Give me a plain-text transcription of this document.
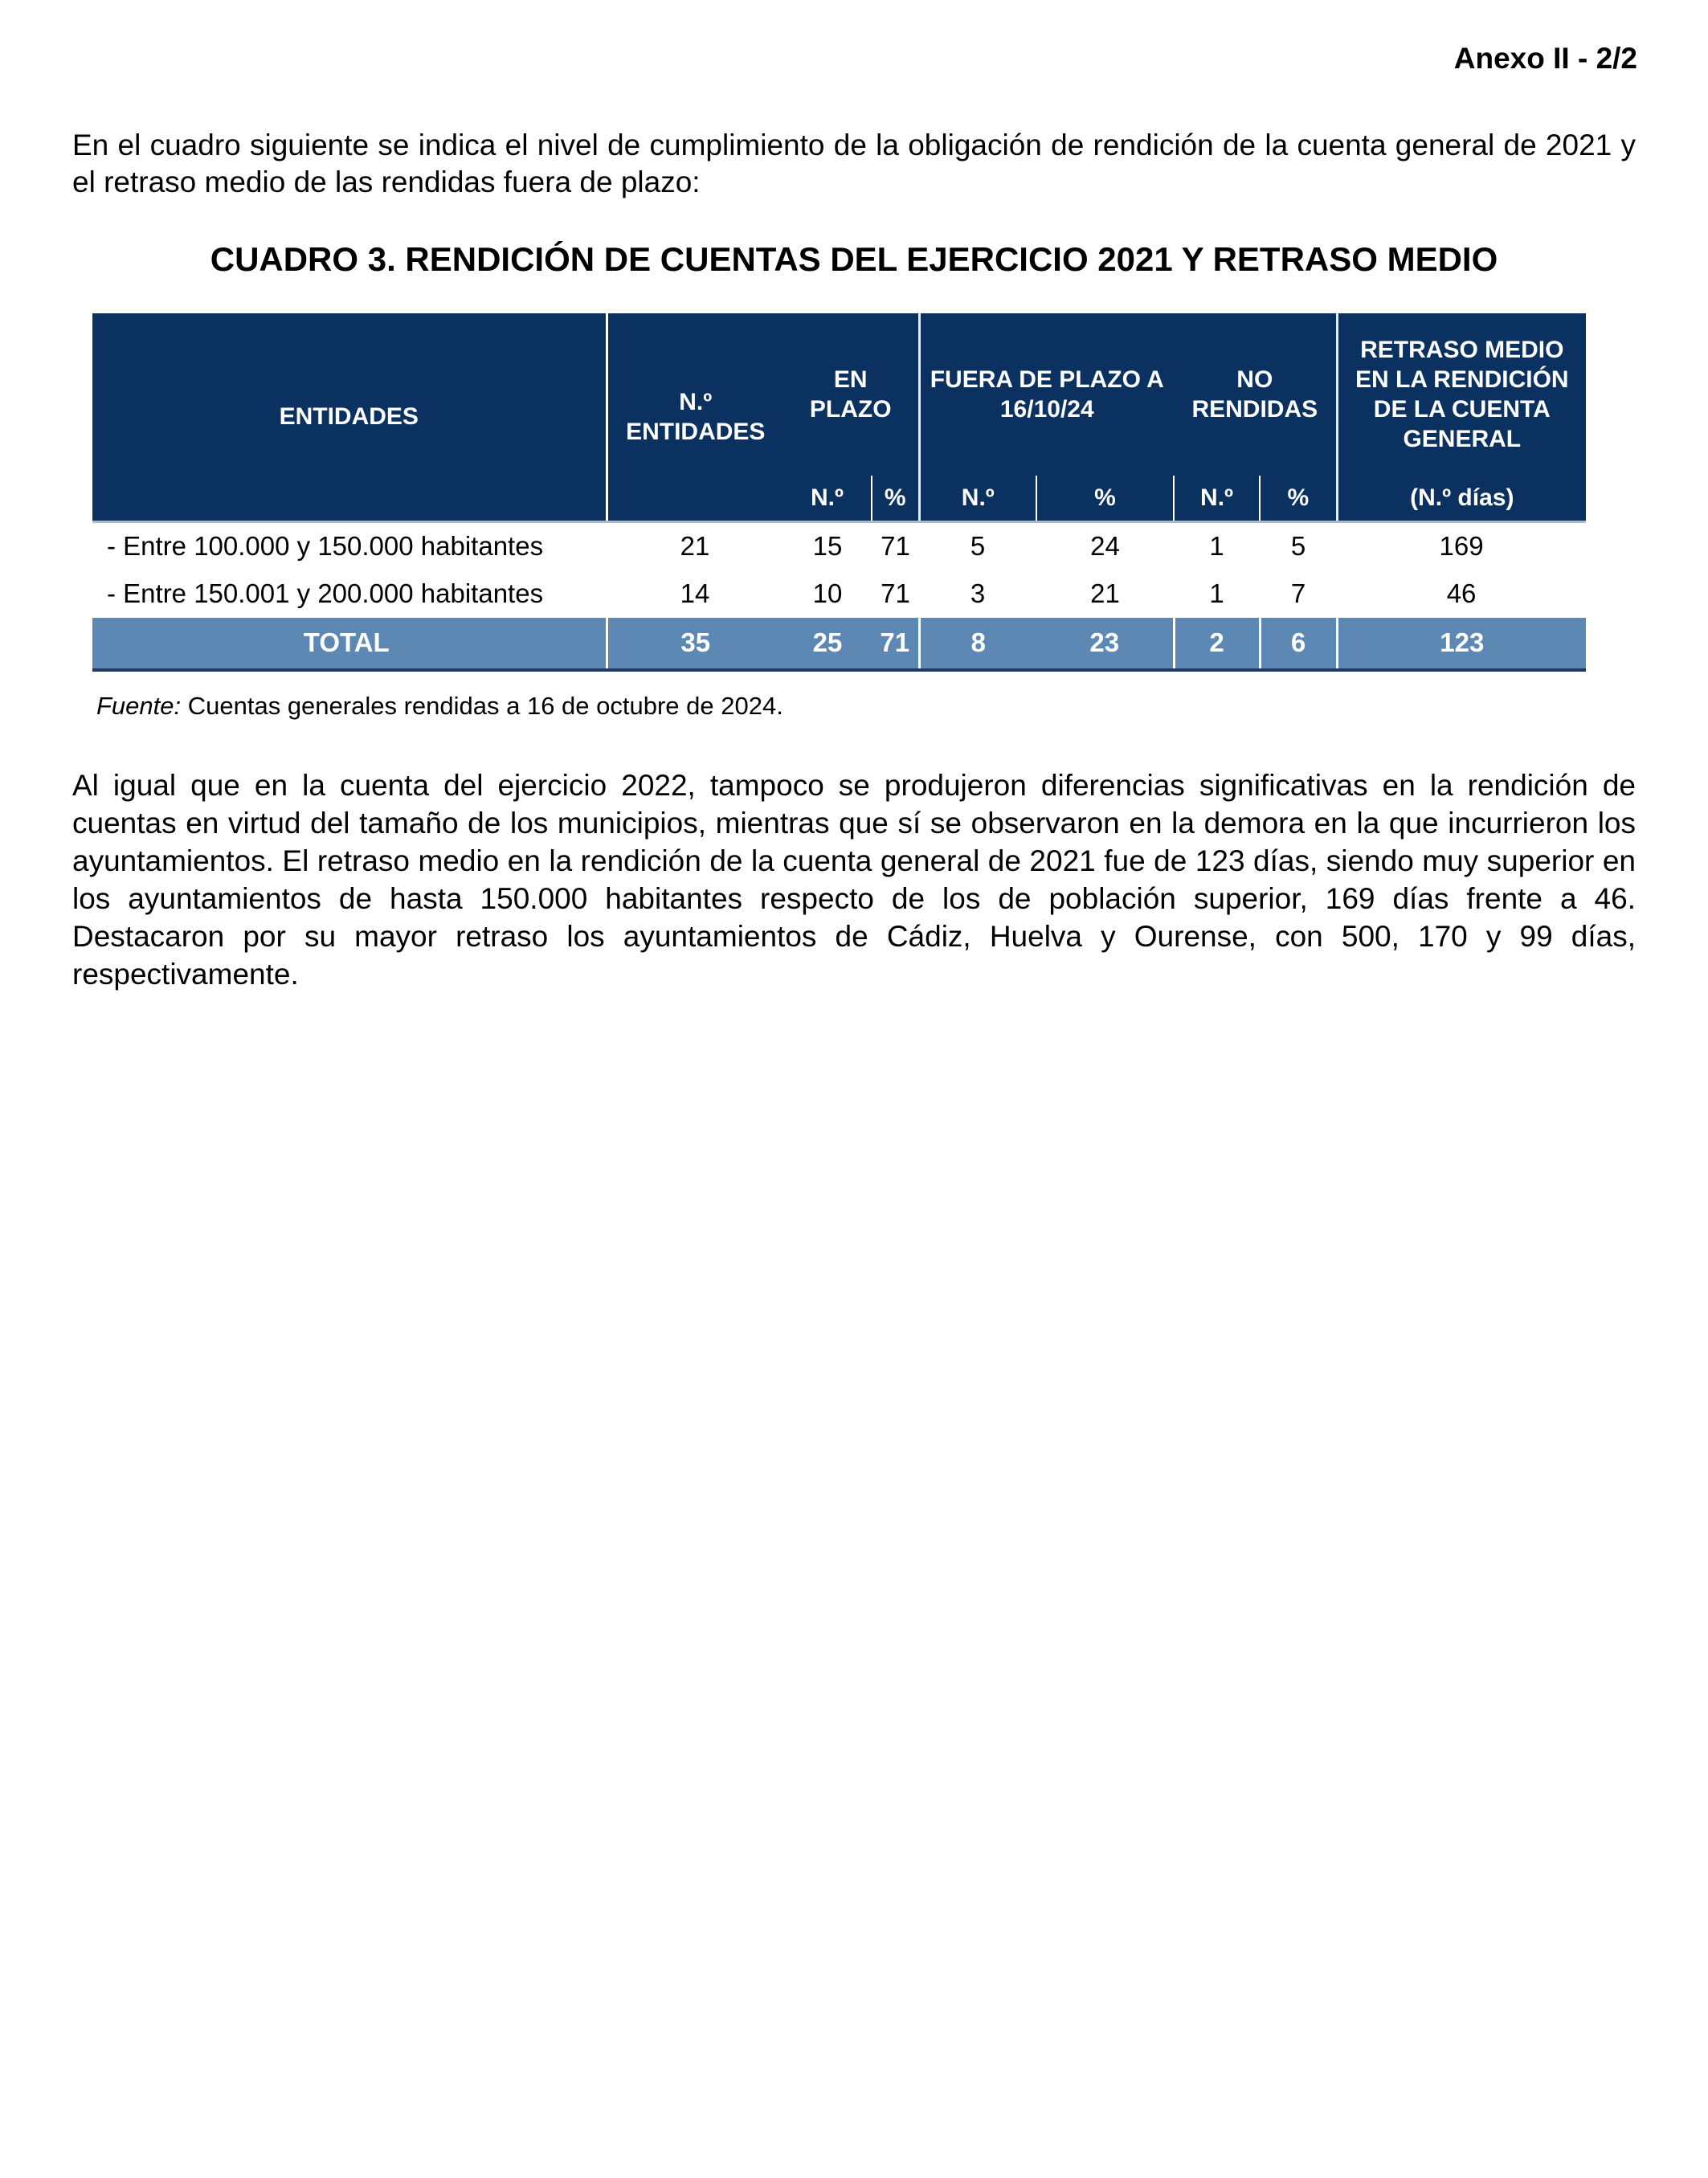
Anexo II - 2/2

En el cuadro siguiente se indica el nivel de cumplimiento de la obligación de rendición de la cuenta general de 2021 y el retraso medio de las rendidas fuera de plazo:

CUADRO 3. RENDICIÓN DE CUENTAS DEL EJERCICIO 2021 Y RETRASO MEDIO
ENTIDADES	N.º ENTIDADES	EN PLAZO		FUERA DE PLAZO A 16/10/24		NO RENDIDAS		RETRASO MEDIO EN LA RENDICIÓN DE LA CUENTA GENERAL
		N.º	%	N.º	%	N.º	%	(N.º días)
- Entre 100.000 y 150.000 habitantes	21	15	71	5	24	1	5	169
- Entre 150.001 y 200.000 habitantes	14	10	71	3	21	1	7	46
TOTAL	35	25	71	8	23	2	6	123
Fuente: Cuentas generales rendidas a 16 de octubre de 2024.

Al igual que en la cuenta del ejercicio 2022, tampoco se produjeron diferencias significativas en la rendición de cuentas en virtud del tamaño de los municipios, mientras que sí se observaron en la demora en la que incurrieron los ayuntamientos. El retraso medio en la rendición de la cuenta general de 2021 fue de 123 días, siendo muy superior en los ayuntamientos de hasta 150.000 habitantes respecto de los de población superior, 169 días frente a 46. Destacaron por su mayor retraso los ayuntamientos de Cádiz, Huelva y Ourense, con 500, 170 y 99 días, respectivamente.
